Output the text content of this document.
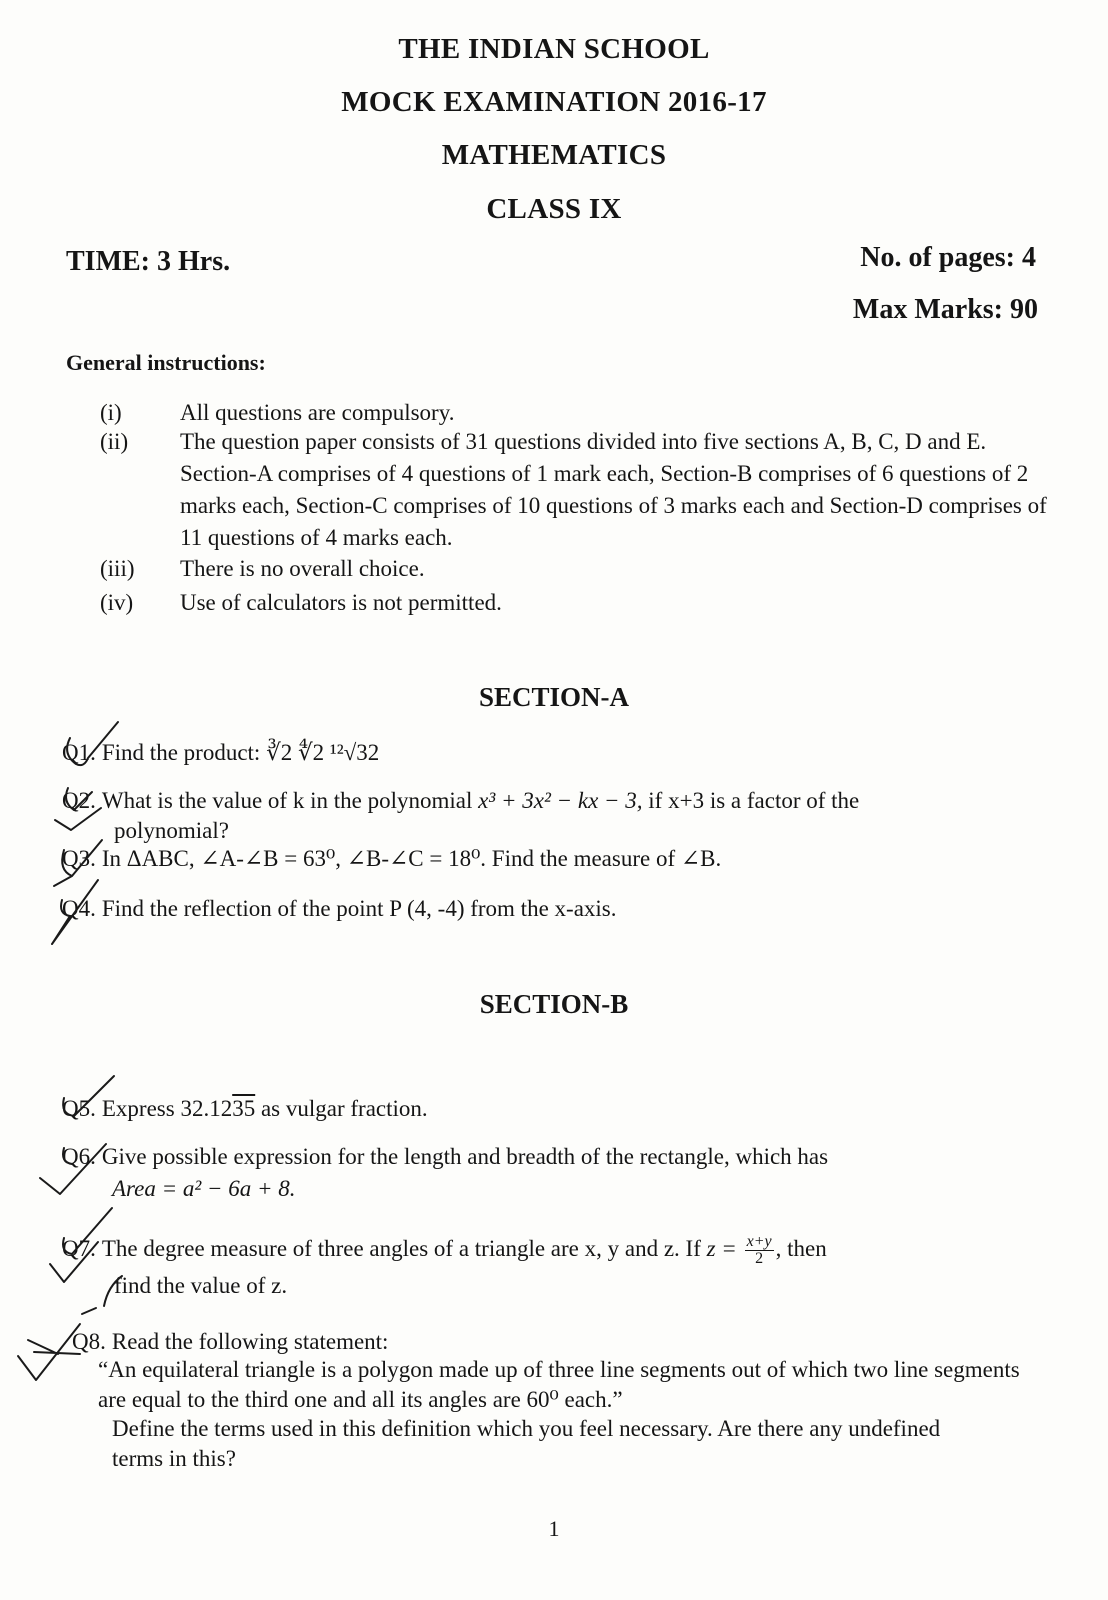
THE INDIAN SCHOOL
MOCK EXAMINATION 2016-17
MATHEMATICS
CLASS IX
TIME: 3 Hrs.	No. of pages: 4
Max Marks: 90
General instructions:
(i)	All questions are compulsory.
(ii)	The question paper consists of 31 questions divided into five sections A, B, C, D and E. Section-A comprises of 4 questions of 1 mark each, Section-B comprises of 6 questions of 2 marks each, Section-C comprises of 10 questions of 3 marks each and Section-D comprises of 11 questions of 4 marks each.
(iii)	There is no overall choice.
(iv)	Use of calculators is not permitted.
SECTION-A
Q1. Find the product: ∛2 ∜2 ¹²√32
Q2. What is the value of k in the polynomial x³ + 3x² − kx − 3, if x+3 is a factor of the
polynomial?
Q3. In ΔABC, ∠A-∠B = 63⁰, ∠B-∠C = 18⁰. Find the measure of ∠B.
Q4. Find the reflection of the point P (4, -4) from the x-axis.
SECTION-B
Q5. Express 32.1235 as vulgar fraction.
Q6. Give possible expression for the length and breadth of the rectangle, which has
Area = a² − 6a + 8.
Q7. The degree measure of three angles of a triangle are x, y and z. If $z = \frac{x+y}{2}$ , then
find the value of z.
Q8. Read the following statement:
“An equilateral triangle is a polygon made up of three line segments out of which two line segments are equal to the third one and all its angles are 60⁰ each.”
Define the terms used in this definition which you feel necessary. Are there any undefined terms in this?
1
